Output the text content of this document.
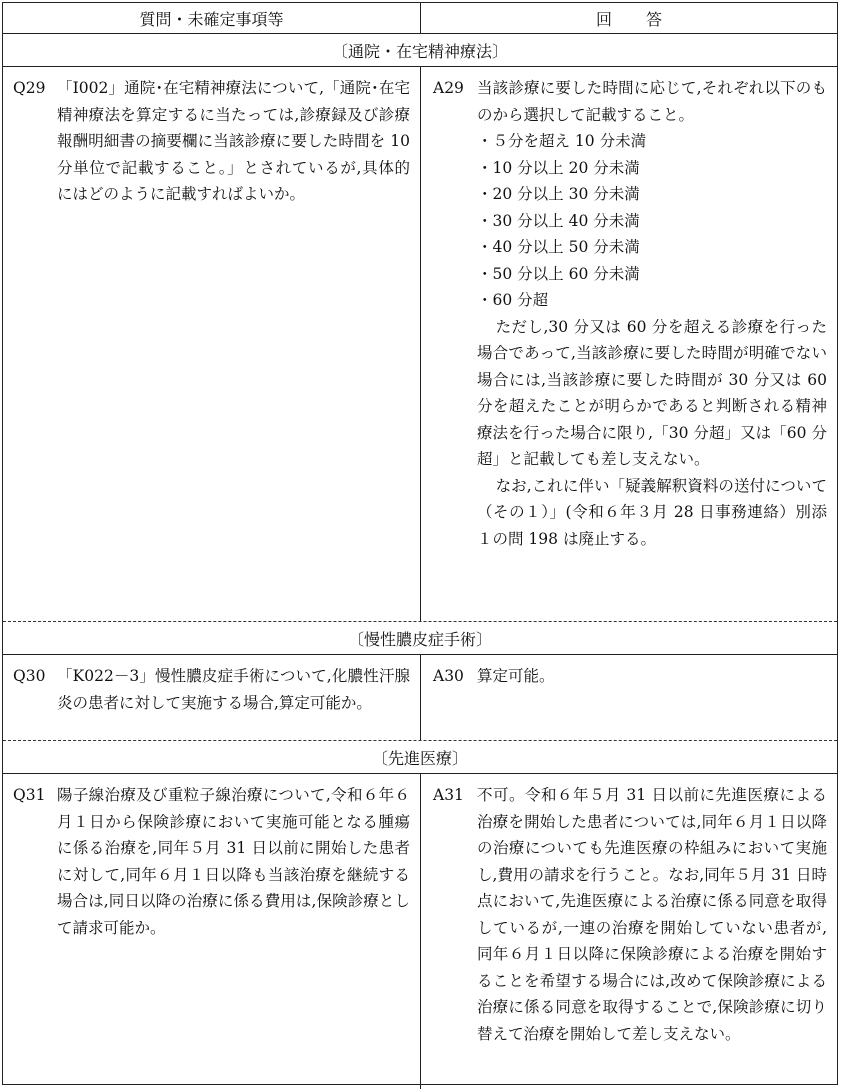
質問・未確定事項等	回答
〔通院・在宅精神療法〕
Q29 「I002」通院･在宅精神療法について,「通院･在宅精神療法を算定するに当たっては,診療録及び診療報酬明細書の摘要欄に当該診療に要した時間を 10 分単位で記載すること。」とされているが,具体的にはどのように記載すればよいか。
A29 当該診療に要した時間に応じて,それぞれ以下のものから選択して記載すること。
・５分を超え 10 分未満
・10 分以上 20 分未満
・20 分以上 30 分未満
・30 分以上 40 分未満
・40 分以上 50 分未満
・50 分以上 60 分未満
・60 分超
ただし,30 分又は 60 分を超える診療を行った場合であって,当該診療に要した時間が明確でない場合には,当該診療に要した時間が 30 分又は 60 分を超えたことが明らかであると判断される精神療法を行った場合に限り,「30 分超」又は「60 分超」と記載しても差し支えない。
なお,これに伴い「疑義解釈資料の送付について（その１）」(令和６年３月 28 日事務連絡）別添１の問 198 は廃止する。
〔慢性膿皮症手術〕
Q30 「K022－3」慢性膿皮症手術について,化膿性汗腺炎の患者に対して実施する場合,算定可能か。
A30 算定可能。
〔先進医療〕
Q31 陽子線治療及び重粒子線治療について,令和６年６月１日から保険診療において実施可能となる腫瘍に係る治療を,同年５月 31 日以前に開始した患者に対して,同年６月１日以降も当該治療を継続する場合は,同日以降の治療に係る費用は,保険診療として請求可能か。
A31 不可。令和６年５月 31 日以前に先進医療による治療を開始した患者については,同年６月１日以降の治療についても先進医療の枠組みにおいて実施し,費用の請求を行うこと。なお,同年５月 31 日時点において,先進医療による治療に係る同意を取得しているが,一連の治療を開始していない患者が,同年６月１日以降に保険診療による治療を開始することを希望する場合には,改めて保険診療による治療に係る同意を取得することで,保険診療に切り替えて治療を開始して差し支えない。
